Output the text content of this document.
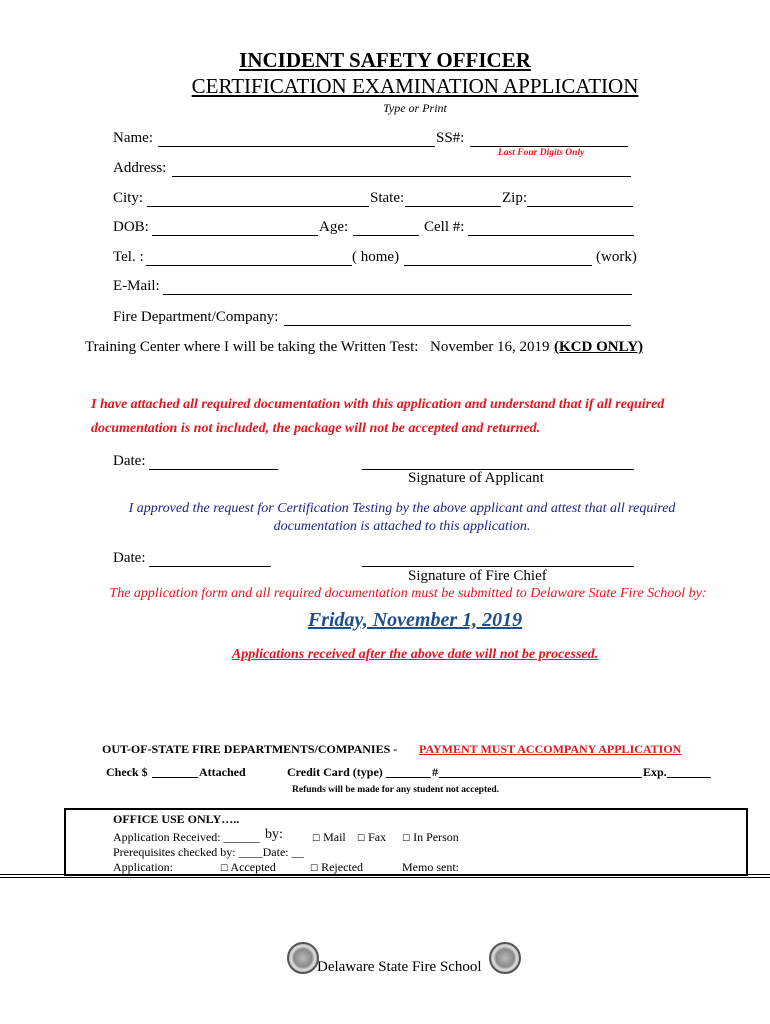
INCIDENT SAFETY OFFICER
CERTIFICATION EXAMINATION APPLICATION
Type or Print
Name:	SS#:
Last Four Digits Only
Address:
City:	State:	Zip:
DOB:	Age:	Cell #:
Tel. :	( home)	(work)
E-Mail:
Fire Department/Company:
Training Center where I will be taking the Written Test: November 16, 2019 (KCD ONLY)
I have attached all required documentation with this application and understand that if all required
documentation is not included, the package will not be accepted and returned.
Date:
Signature of Applicant
I approved the request for Certification Testing by the above applicant and attest that all required
documentation is attached to this application.
Date:
Signature of Fire Chief
The application form and all required documentation must be submitted to Delaware State Fire School by:
Friday, November 1, 2019
Applications received after the above date will not be processed.
OUT-OF-STATE FIRE DEPARTMENTS/COMPANIES - PAYMENT MUST ACCOMPANY APPLICATION
Check $	Attached	Credit Card (type)	#	Exp.
Refunds will be made for any student not accepted.
OFFICE USE ONLY…..
Application Received: ______ by:	☐ Mail ☐ Fax ☐ In Person
Prerequisites checked by: ____Date: __
Application:	☐ Accepted	☐ Rejected	Memo sent:
Delaware State Fire School
